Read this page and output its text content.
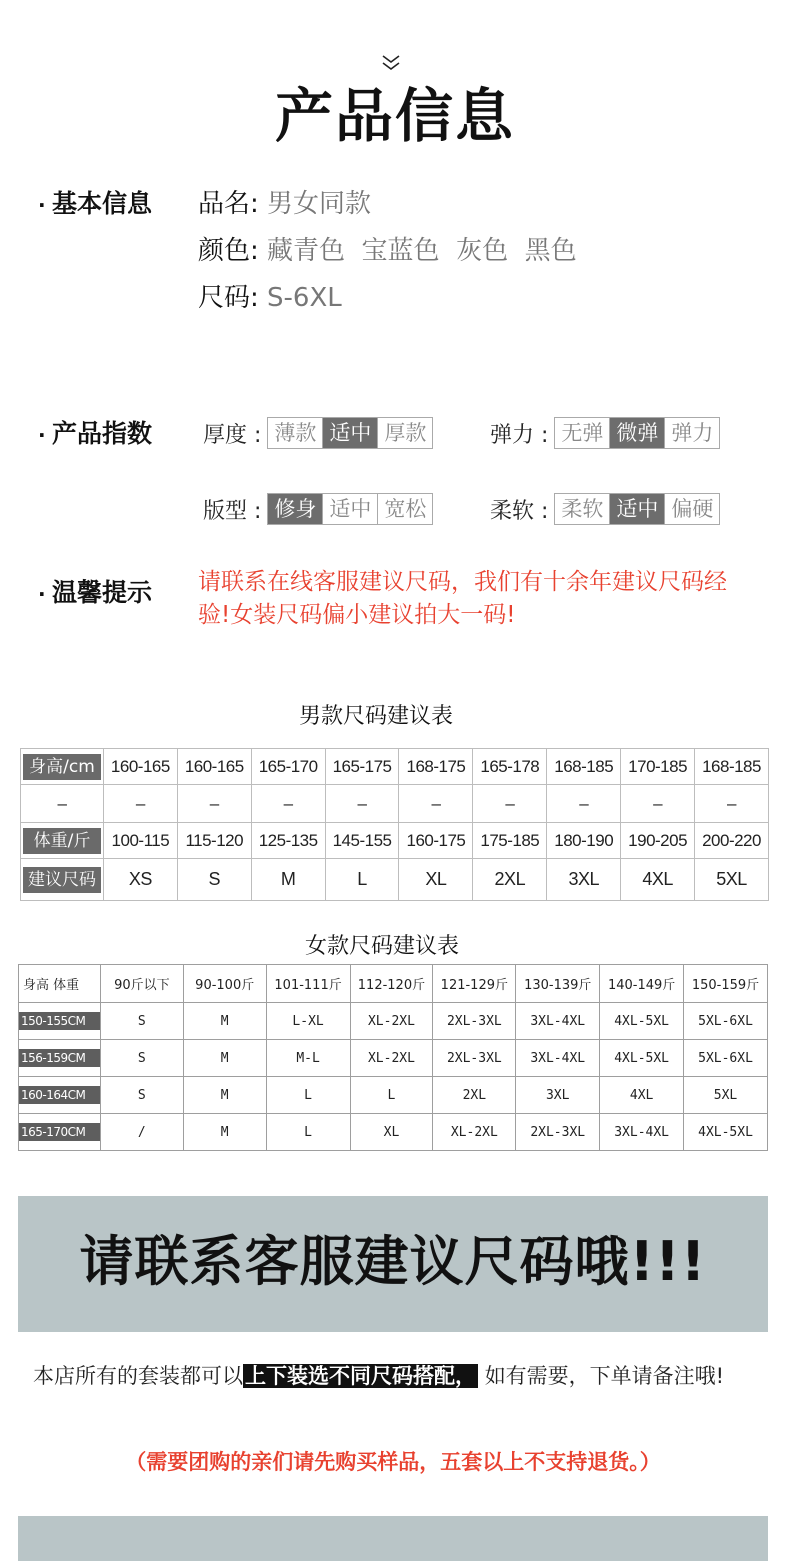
产品信息
· 基本信息 品名: 男女同款
颜色: 藏青色  宝蓝色  灰色  黑色
尺码: S-6XL
· 产品指数 厚度 : 薄款 适中 厚款	弹力 : 无弹 微弹 弹力
版型 : 修身 适中 宽松	柔软 : 柔软 适中 偏硬
· 温馨提示 请联系在线客服建议尺码，我们有十余年建议尺码经验!女装尺码偏小建议拍大一码!
男款尺码建议表
身高/cm	160-165	160-165	165-170	165-175	168-175	165-178	168-185	170-185	168-185
–	–	–	–	–	–	–	–	–	–

体重/斤	100-115	115-120	125-135	145-155	160-175	175-185	180-190	190-205	200-220

建议尺码	XS	S	M	L	XL	2XL	3XL	4XL	5XL
女款尺码建议表
身高 体重	90斤以下	90-100斤	101-111斤	112-120斤	121-129斤	130-139斤	140-149斤	150-159斤

150-155CM	S	M	L-XL	XL-2XL	2XL-3XL	3XL-4XL	4XL-5XL	5XL-6XL

156-159CM	S	M	M-L	XL-2XL	2XL-3XL	3XL-4XL	4XL-5XL	5XL-6XL

160-164CM	S	M	L	L	2XL	3XL	4XL	5XL

165-170CM	/	M	L	XL	XL-2XL	2XL-3XL	3XL-4XL	4XL-5XL
请联系客服建议尺码哦!!!
本店所有的套装都可以上下装选不同尺码搭配， 如有需要，下单请备注哦!
（需要团购的亲们请先购买样品，五套以上不支持退货。）
